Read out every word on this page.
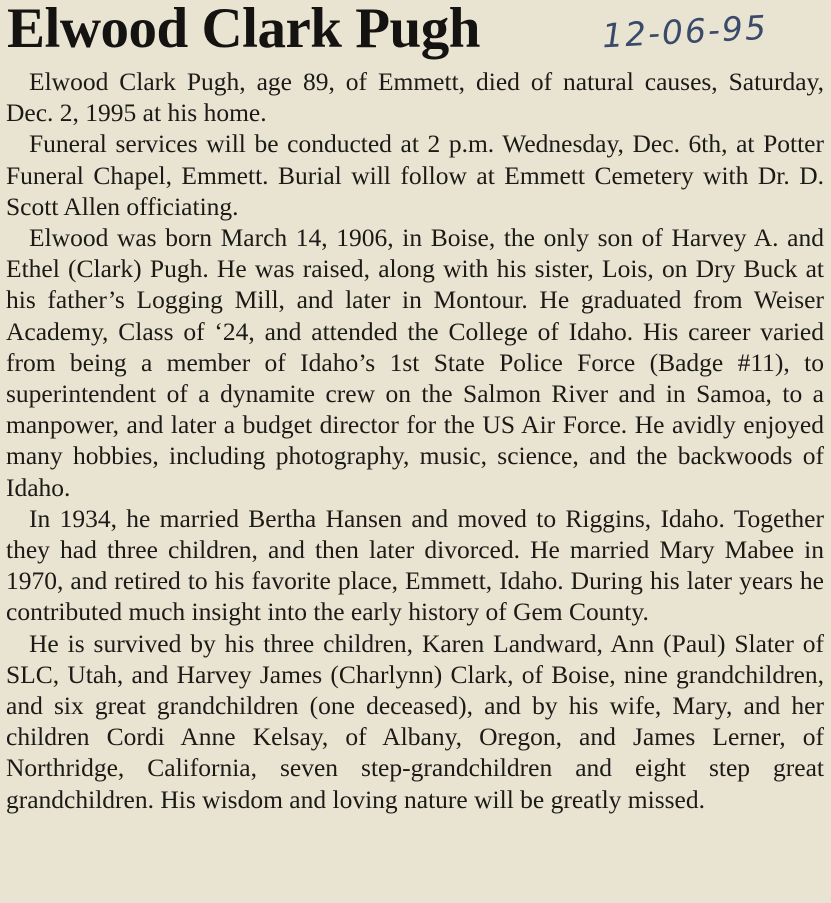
Elwood Clark Pugh	12-06-95

Elwood Clark Pugh, age 89, of Emmett, died of natural causes, Saturday, Dec. 2, 1995 at his home.

Funeral services will be conducted at 2 p.m. Wednesday, Dec. 6th, at Potter Funeral Chapel, Emmett. Burial will follow at Emmett Cemetery with Dr. D. Scott Allen officiating.

Elwood was born March 14, 1906, in Boise, the only son of Harvey A. and Ethel (Clark) Pugh. He was raised, along with his sister, Lois, on Dry Buck at his father’s Logging Mill, and later in Montour. He graduated from Weiser Academy, Class of ‘24, and attended the College of Idaho. His career varied from being a member of Idaho’s 1st State Police Force (Badge #11), to superintendent of a dynamite crew on the Salmon River and in Samoa, to a manpower, and later a budget director for the US Air Force. He avidly enjoyed many hobbies, including photography, music, science, and the backwoods of Idaho.

In 1934, he married Bertha Hansen and moved to Riggins, Idaho. Together they had three children, and then later divorced. He married Mary Mabee in 1970, and retired to his favorite place, Emmett, Idaho. During his later years he contributed much insight into the early history of Gem County.

He is survived by his three children, Karen Landward, Ann (Paul) Slater of SLC, Utah, and Harvey James (Charlynn) Clark, of Boise, nine grandchildren, and six great grandchildren (one deceased), and by his wife, Mary, and her children Cordi Anne Kelsay, of Albany, Oregon, and James Lerner, of Northridge, California, seven step-grandchildren and eight step great grandchildren. His wisdom and loving nature will be greatly missed.
